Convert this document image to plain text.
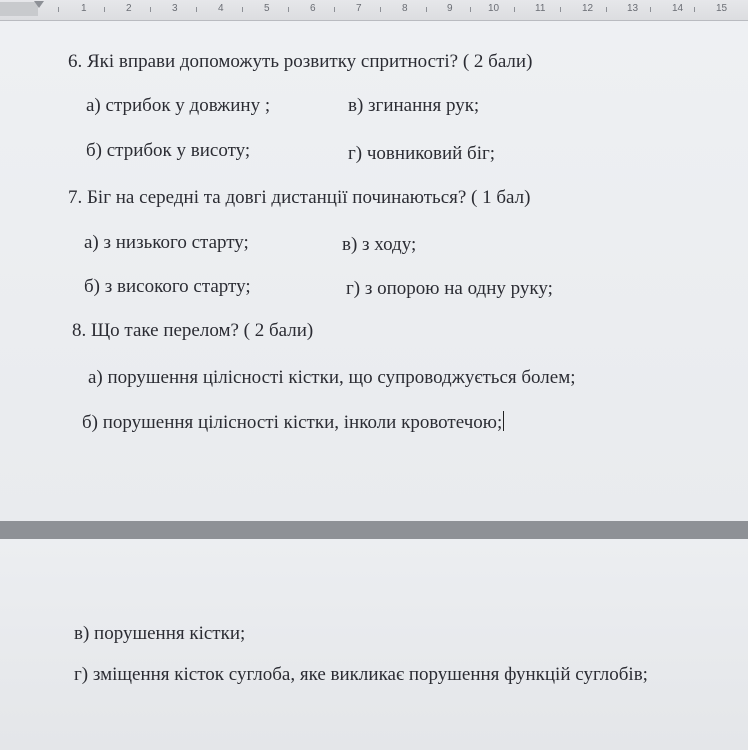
1	2	3	4	5	6	7	8	9	10	11	12	13	14	15
6. Які вправи допоможуть розвитку спритності? ( 2 бали)
а) стрибок у довжину ;	в) згинання рук;
б) стрибок у висоту;	г) човниковий біг;
7. Біг на середні та довгі дистанції починаються? ( 1 бал)
а) з низького старту;	в) з ходу;
б) з високого старту;	г) з опорою на одну руку;
8. Що таке перелом? ( 2 бали)
а) порушення цілісності кістки, що супроводжується болем;
б) порушення цілісності кістки, інколи кровотечою;
в) порушення кістки;
г) зміщення кісток суглоба, яке викликає порушення функцій суглобів;
